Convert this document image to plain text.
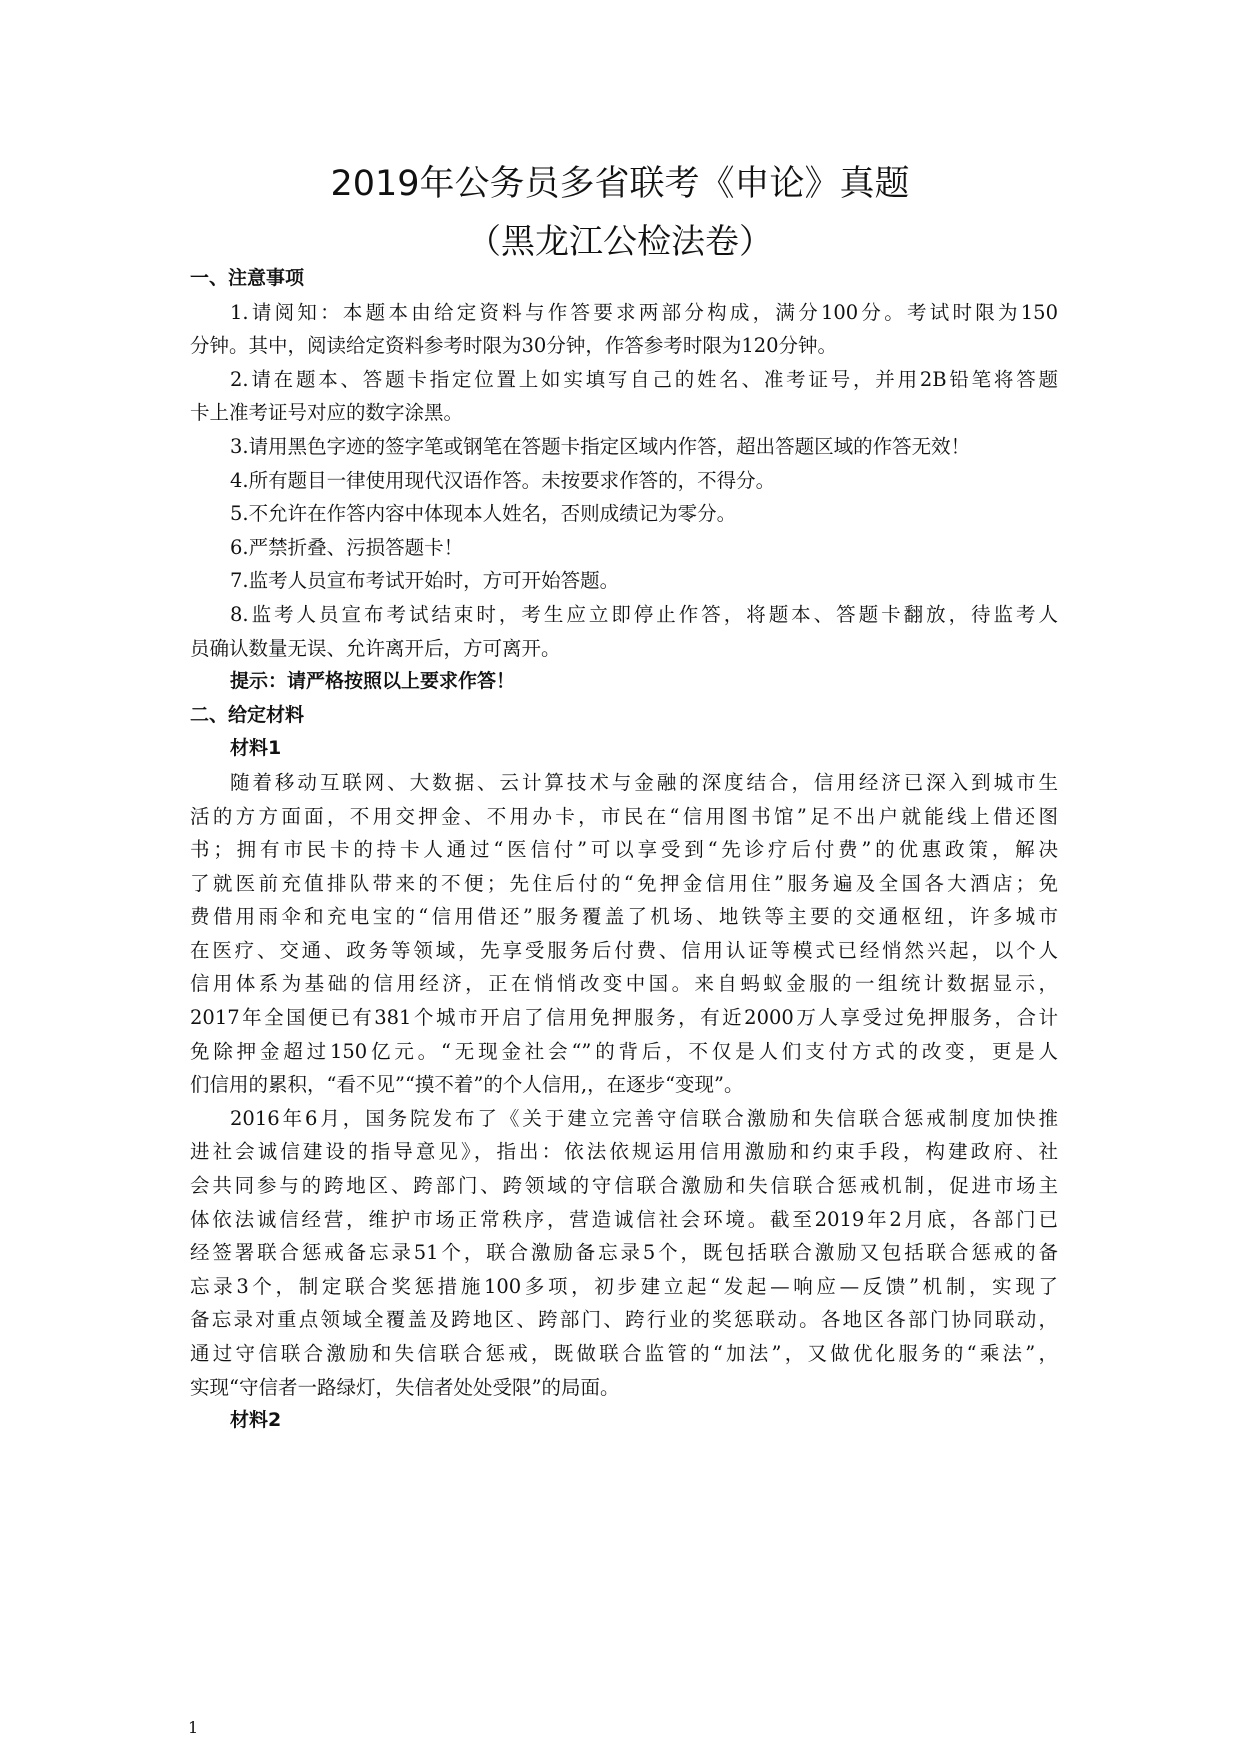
2019年公务员多省联考《申论》真题
（黑龙江公检法卷）
一、注意事项
1.请阅知：本题本由给定资料与作答要求两部分构成，满分100分。考试时限为150
分钟。其中，阅读给定资料参考时限为30分钟，作答参考时限为120分钟。
2.请在题本、答题卡指定位置上如实填写自己的姓名、准考证号，并用2B铅笔将答题
卡上准考证号对应的数字涂黑。
3.请用黑色字迹的签字笔或钢笔在答题卡指定区域内作答，超出答题区域的作答无效！
4.所有题目一律使用现代汉语作答。未按要求作答的，不得分。
5.不允许在作答内容中体现本人姓名，否则成绩记为零分。
6.严禁折叠、污损答题卡！
7.监考人员宣布考试开始时，方可开始答题。
8.监考人员宣布考试结束时，考生应立即停止作答，将题本、答题卡翻放，待监考人
员确认数量无误、允许离开后，方可离开。
提示：请严格按照以上要求作答！
二、给定材料
材料1
随着移动互联网、大数据、云计算技术与金融的深度结合，信用经济已深入到城市生
活的方方面面，不用交押金、不用办卡，市民在“信用图书馆”足不出户就能线上借还图
书；拥有市民卡的持卡人通过“医信付”可以享受到“先诊疗后付费”的优惠政策，解决
了就医前充值排队带来的不便；先住后付的“免押金信用住”服务遍及全国各大酒店；免
费借用雨伞和充电宝的“信用借还”服务覆盖了机场、地铁等主要的交通枢纽，许多城市
在医疗、交通、政务等领域，先享受服务后付费、信用认证等模式已经悄然兴起，以个人
信用体系为基础的信用经济，正在悄悄改变中国。来自蚂蚁金服的一组统计数据显示，
2017年全国便已有381个城市开启了信用免押服务，有近2000万人享受过免押服务，合计
免除押金超过150亿元。“无现金社会“”的背后，不仅是人们支付方式的改变，更是人
们信用的累积，“看不见”“摸不着”的个人信用,，在逐步“变现”。
2016年6月，国务院发布了《关于建立完善守信联合激励和失信联合惩戒制度加快推
进社会诚信建设的指导意见》，指出：依法依规运用信用激励和约束手段，构建政府、社
会共同参与的跨地区、跨部门、跨领域的守信联合激励和失信联合惩戒机制，促进市场主
体依法诚信经营，维护市场正常秩序，营造诚信社会环境。截至2019年2月底，各部门已
经签署联合惩戒备忘录51个，联合激励备忘录5个，既包括联合激励又包括联合惩戒的备
忘录3个，制定联合奖惩措施100多项，初步建立起“发起—响应—反馈”机制，实现了
备忘录对重点领域全覆盖及跨地区、跨部门、跨行业的奖惩联动。各地区各部门协同联动，
通过守信联合激励和失信联合惩戒，既做联合监管的“加法”，又做优化服务的“乘法”，
实现“守信者一路绿灯，失信者处处受限”的局面。
材料2
1
